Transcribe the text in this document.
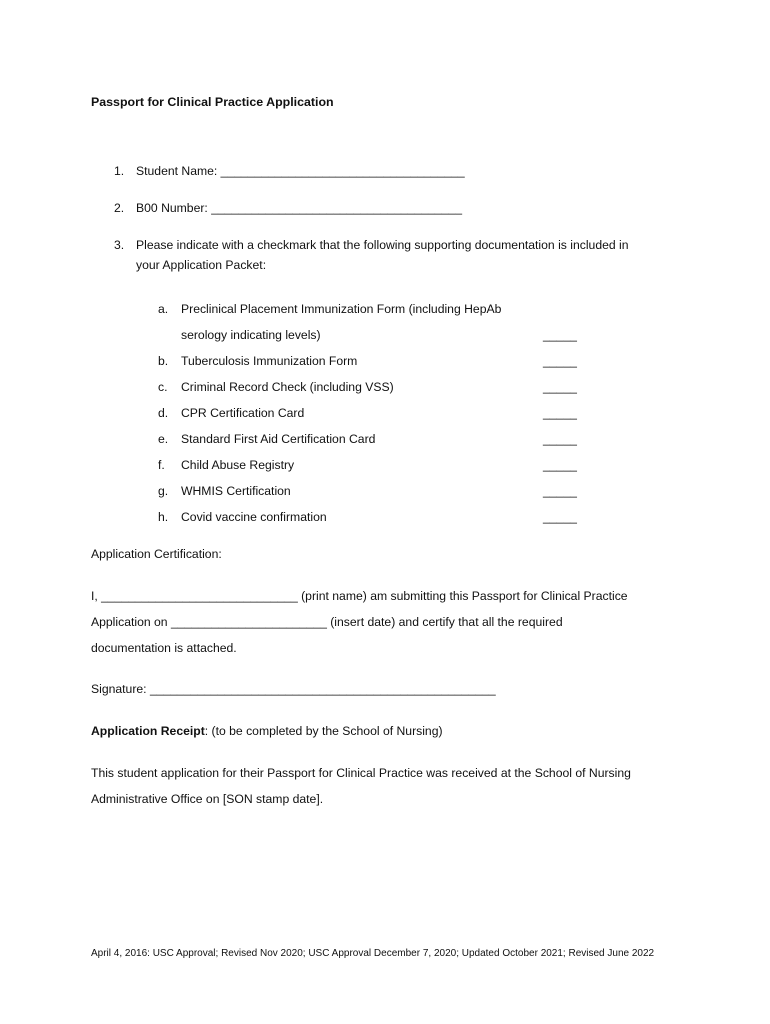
Passport for Clinical Practice Application
1. Student Name: ____________________________________
2. B00 Number: _____________________________________
3. Please indicate with a checkmark that the following supporting documentation is included in
your Application Packet:
a. Preclinical Placement Immunization Form (including HepAb
serology indicating levels)	_____
b. Tuberculosis Immunization Form	_____
c. Criminal Record Check (including VSS)	_____
d. CPR Certification Card	_____
e. Standard First Aid Certification Card	_____
f. Child Abuse Registry	_____
g. WHMIS Certification	_____
h. Covid vaccine confirmation	_____
Application Certification:
I, _____________________________ (print name) am submitting this Passport for Clinical Practice
Application on _______________________ (insert date) and certify that all the required
documentation is attached.
Signature: ___________________________________________________
Application Receipt: (to be completed by the School of Nursing)
This student application for their Passport for Clinical Practice was received at the School of Nursing
Administrative Office on [SON stamp date].
April 4, 2016: USC Approval; Revised Nov 2020; USC Approval December 7, 2020; Updated October 2021; Revised June 2022
